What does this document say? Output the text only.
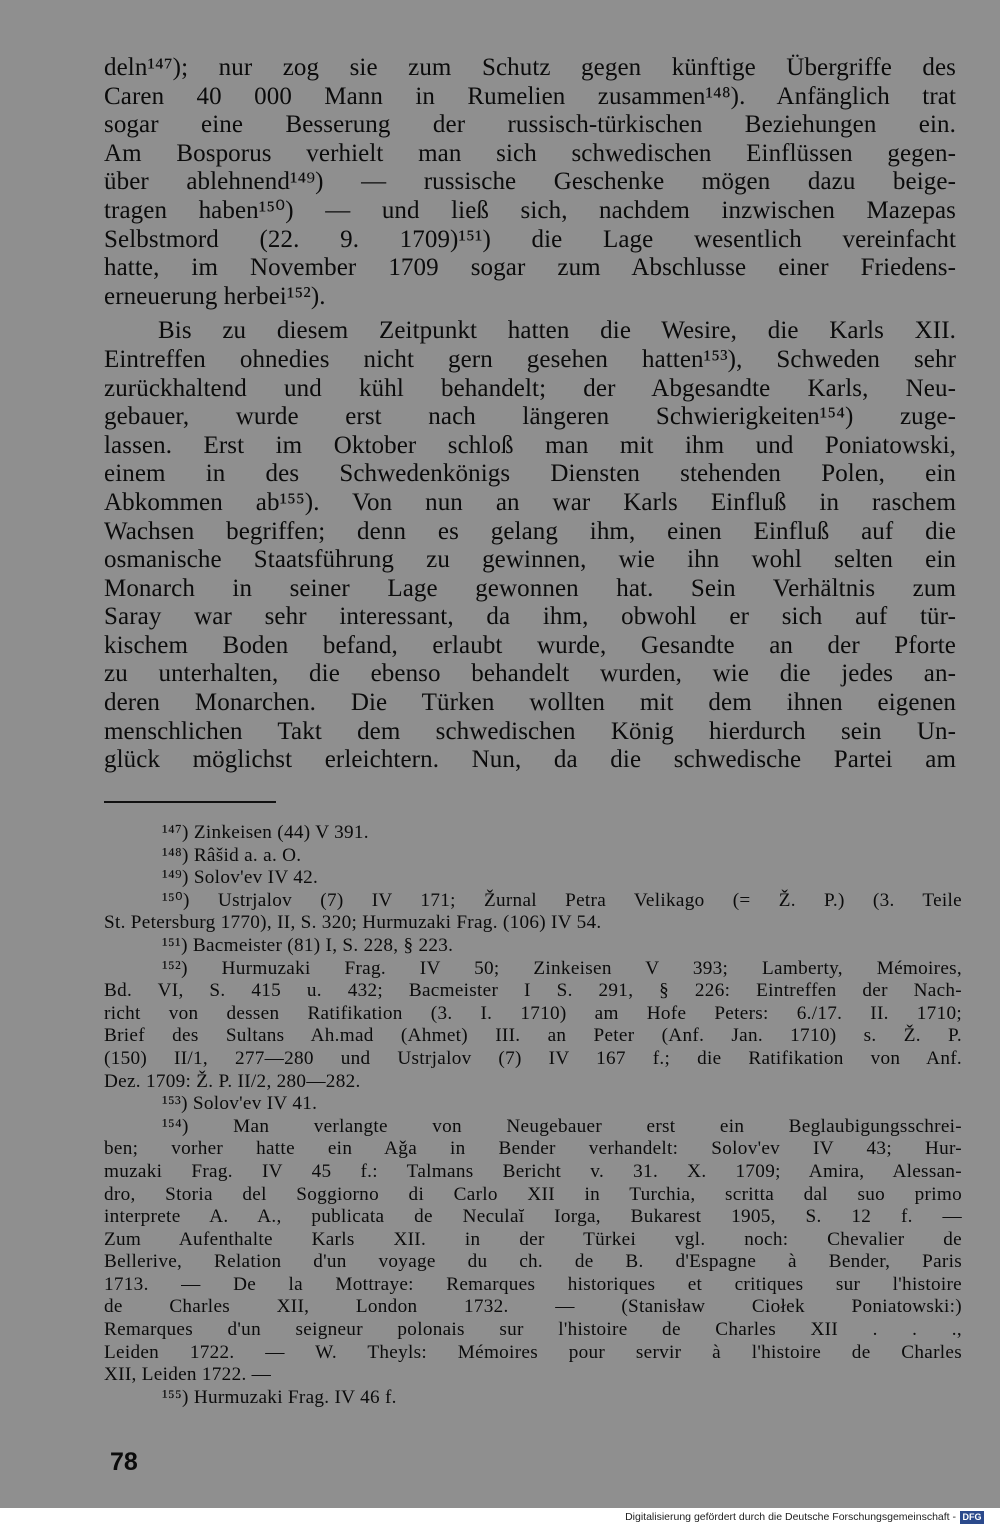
deln¹⁴⁷); nur zog sie zum Schutz gegen künftige Übergriffe des
Caren 40 000 Mann in Rumelien zusammen¹⁴⁸). Anfänglich trat
sogar eine Besserung der russisch-türkischen Beziehungen ein.
Am Bosporus verhielt man sich schwedischen Einflüssen gegen-
über ablehnend¹⁴⁹) — russische Geschenke mögen dazu beige-
tragen haben¹⁵⁰) — und ließ sich, nachdem inzwischen Mazepas
Selbstmord (22. 9. 1709)¹⁵¹) die Lage wesentlich vereinfacht
hatte, im November 1709 sogar zum Abschlusse einer Friedens-
erneuerung herbei¹⁵²).

Bis zu diesem Zeitpunkt hatten die Wesire, die Karls XII.
Eintreffen ohnedies nicht gern gesehen hatten¹⁵³), Schweden sehr
zurückhaltend und kühl behandelt; der Abgesandte Karls, Neu-
gebauer, wurde erst nach längeren Schwierigkeiten¹⁵⁴) zuge-
lassen. Erst im Oktober schloß man mit ihm und Poniatowski,
einem in des Schwedenkönigs Diensten stehenden Polen, ein
Abkommen ab¹⁵⁵). Von nun an war Karls Einfluß in raschem
Wachsen begriffen; denn es gelang ihm, einen Einfluß auf die
osmanische Staatsführung zu gewinnen, wie ihn wohl selten ein
Monarch in seiner Lage gewonnen hat. Sein Verhältnis zum
Saray war sehr interessant, da ihm, obwohl er sich auf tür-
kischem Boden befand, erlaubt wurde, Gesandte an der Pforte
zu unterhalten, die ebenso behandelt wurden, wie die jedes an-
deren Monarchen. Die Türken wollten mit dem ihnen eigenen
menschlichen Takt dem schwedischen König hierdurch sein Un-
glück möglichst erleichtern. Nun, da die schwedische Partei am

¹⁴⁷) Zinkeisen (44) V 391.
¹⁴⁸) Râšid a. a. O.
¹⁴⁹) Solov'ev IV 42.
¹⁵⁰) Ustrjalov (7) IV 171; Žurnal Petra Velikago (= Ž. P.) (3. Teile
St. Petersburg 1770), II, S. 320; Hurmuzaki Frag. (106) IV 54.
¹⁵¹) Bacmeister (81) I, S. 228, § 223.
¹⁵²) Hurmuzaki Frag. IV 50; Zinkeisen V 393; Lamberty, Mémoires,
Bd. VI, S. 415 u. 432; Bacmeister I S. 291, § 226: Eintreffen der Nach-
richt von dessen Ratifikation (3. I. 1710) am Hofe Peters: 6./17. II. 1710;
Brief des Sultans Ah.mad (Ahmet) III. an Peter (Anf. Jan. 1710) s. Ž. P.
(150) II/1, 277—280 und Ustrjalov (7) IV 167 f.; die Ratifikation von Anf.
Dez. 1709: Ž. P. II/2, 280—282.
¹⁵³) Solov'ev IV 41.
¹⁵⁴) Man verlangte von Neugebauer erst ein Beglaubigungsschrei-
ben; vorher hatte ein Aǧa in Bender verhandelt: Solov'ev IV 43; Hur-
muzaki Frag. IV 45 f.: Talmans Bericht v. 31. X. 1709; Amira, Alessan-
dro, Storia del Soggiorno di Carlo XII in Turchia, scritta dal suo primo
interprete A. A., publicata de Neculaĭ Iorga, Bukarest 1905, S. 12 f. —
Zum Aufenthalte Karls XII. in der Türkei vgl. noch: Chevalier de
Bellerive, Relation d'un voyage du ch. de B. d'Espagne à Bender, Paris
1713. — De la Mottraye: Remarques historiques et critiques sur l'histoire
de Charles XII, London 1732. — (Stanisław Ciołek Poniatowski:)
Remarques d'un seigneur polonais sur l'histoire de Charles XII . . .,
Leiden 1722. — W. Theyls: Mémoires pour servir à l'histoire de Charles
XII, Leiden 1722. —
¹⁵⁵) Hurmuzaki Frag. IV 46 f.
78
Digitalisierung gefördert durch die Deutsche Forschungsgemeinschaft - DFG
